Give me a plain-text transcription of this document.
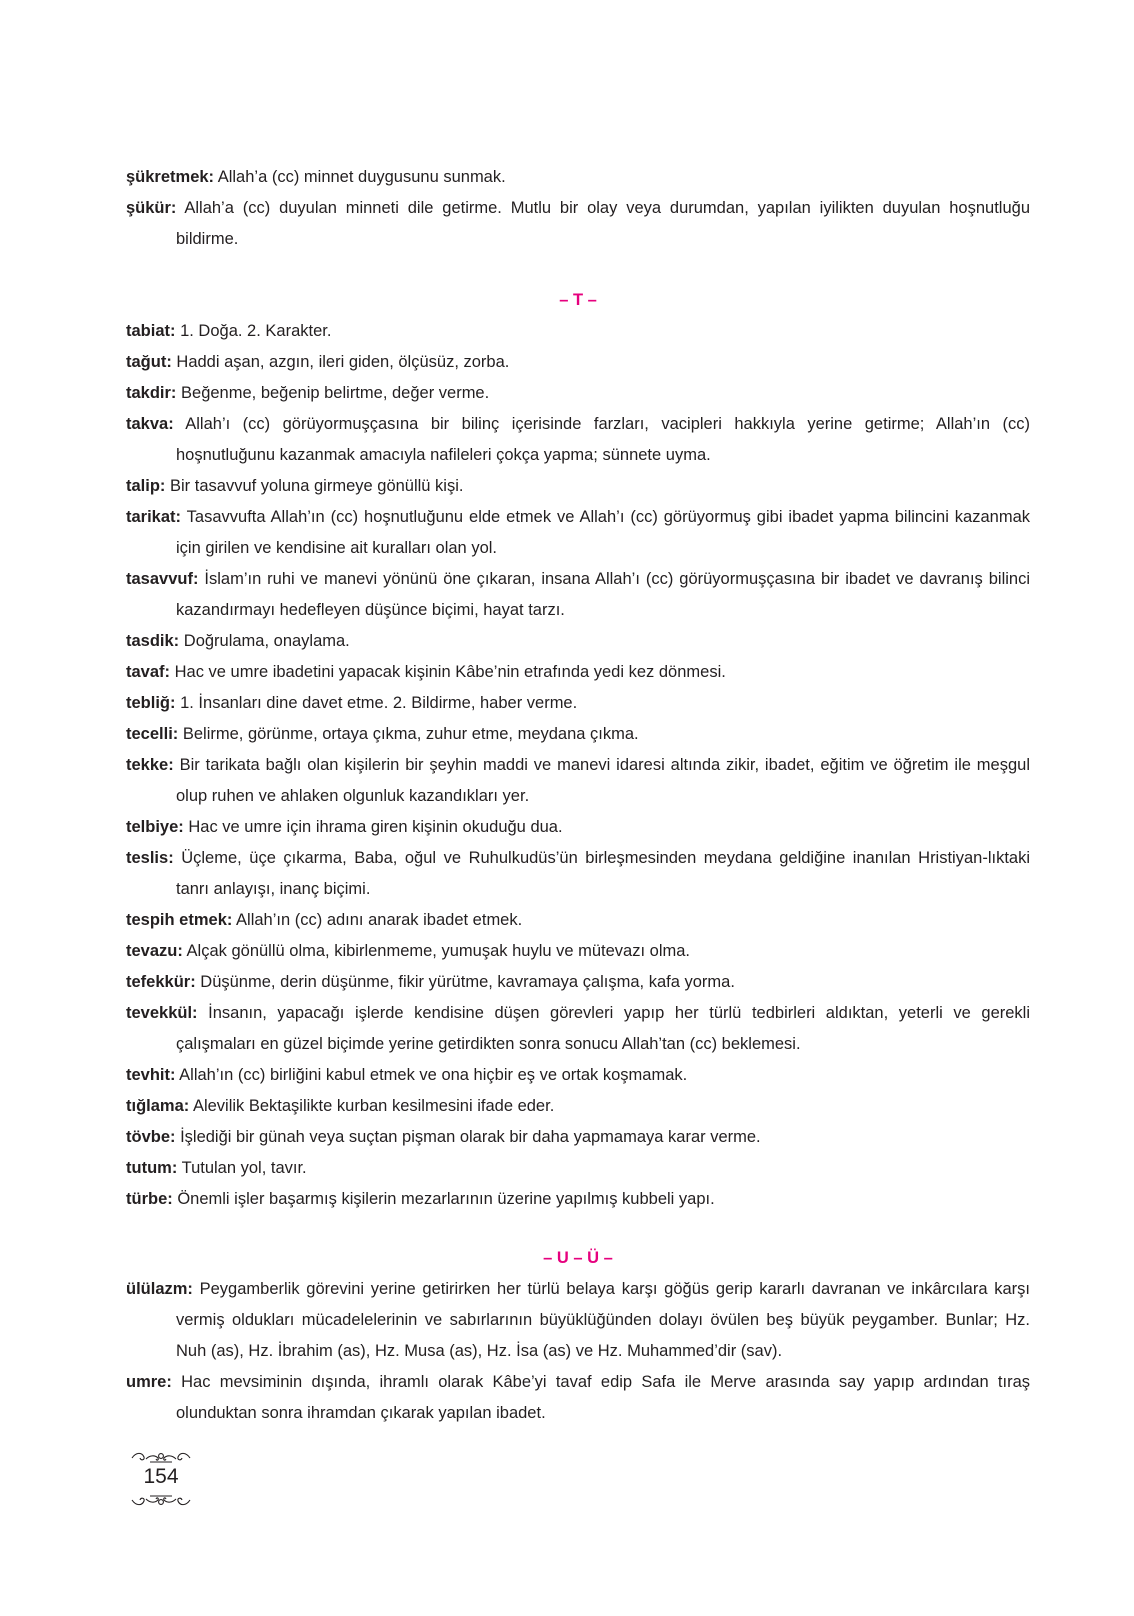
şükretmek: Allah’a (cc) minnet duygusunu sunmak.
şükür: Allah’a (cc) duyulan minneti dile getirme. Mutlu bir olay veya durumdan, yapılan iyilikten duyulan hoşnutluğu bildirme.
– T –
tabiat: 1. Doğa. 2. Karakter.
tağut: Haddi aşan, azgın, ileri giden, ölçüsüz, zorba.
takdir: Beğenme, beğenip belirtme, değer verme.
takva: Allah’ı (cc) görüyormuşçasına bir bilinç içerisinde farzları, vacipleri hakkıyla yerine getirme; Allah’ın (cc) hoşnutluğunu kazanmak amacıyla nafileleri çokça yapma; sünnete uyma.
talip: Bir tasavvuf yoluna girmeye gönüllü kişi.
tarikat: Tasavvufta Allah’ın (cc) hoşnutluğunu elde etmek ve Allah’ı (cc) görüyormuş gibi ibadet yapma bilincini kazanmak için girilen ve kendisine ait kuralları olan yol.
tasavvuf: İslam’ın ruhi ve manevi yönünü öne çıkaran, insana Allah’ı (cc) görüyormuşçasına bir ibadet ve davranış bilinci kazandırmayı hedefleyen düşünce biçimi, hayat tarzı.
tasdik: Doğrulama, onaylama.
tavaf: Hac ve umre ibadetini yapacak kişinin Kâbe’nin etrafında yedi kez dönmesi.
tebliğ: 1. İnsanları dine davet etme. 2. Bildirme, haber verme.
tecelli: Belirme, görünme, ortaya çıkma, zuhur etme, meydana çıkma.
tekke: Bir tarikata bağlı olan kişilerin bir şeyhin maddi ve manevi idaresi altında zikir, ibadet, eğitim ve öğretim ile meşgul olup ruhen ve ahlaken olgunluk kazandıkları yer.
telbiye: Hac ve umre için ihrama giren kişinin okuduğu dua.
teslis: Üçleme, üçe çıkarma, Baba, oğul ve Ruhulkudüs’ün birleşmesinden meydana geldiğine inanılan Hristiyan-lıktaki tanrı anlayışı, inanç biçimi.
tespih etmek: Allah’ın (cc) adını anarak ibadet etmek.
tevazu: Alçak gönüllü olma, kibirlenmeme, yumuşak huylu ve mütevazı olma.
tefekkür: Düşünme, derin düşünme, fikir yürütme, kavramaya çalışma, kafa yorma.
tevekkül: İnsanın, yapacağı işlerde kendisine düşen görevleri yapıp her türlü tedbirleri aldıktan, yeterli ve gerekli çalışmaları en güzel biçimde yerine getirdikten sonra sonucu Allah’tan (cc) beklemesi.
tevhit: Allah’ın (cc) birliğini kabul etmek ve ona hiçbir eş ve ortak koşmamak.
tığlama: Alevilik Bektaşilikte kurban kesilmesini ifade eder.
tövbe: İşlediği bir günah veya suçtan pişman olarak bir daha yapmamaya karar verme.
tutum: Tutulan yol, tavır.
türbe: Önemli işler başarmış kişilerin mezarlarının üzerine yapılmış kubbeli yapı.
– U – Ü –
ülülazm: Peygamberlik görevini yerine getirirken her türlü belaya karşı göğüs gerip kararlı davranan ve inkârcılara karşı vermiş oldukları mücadelelerinin ve sabırlarının büyüklüğünden dolayı övülen beş büyük peygamber. Bunlar; Hz. Nuh (as), Hz. İbrahim (as), Hz. Musa (as), Hz. İsa (as) ve Hz. Muhammed’dir (sav).
umre: Hac mevsiminin dışında, ihramlı olarak Kâbe’yi tavaf edip Safa ile Merve arasında say yapıp ardından tıraş olunduktan sonra ihramdan çıkarak yapılan ibadet.
154
